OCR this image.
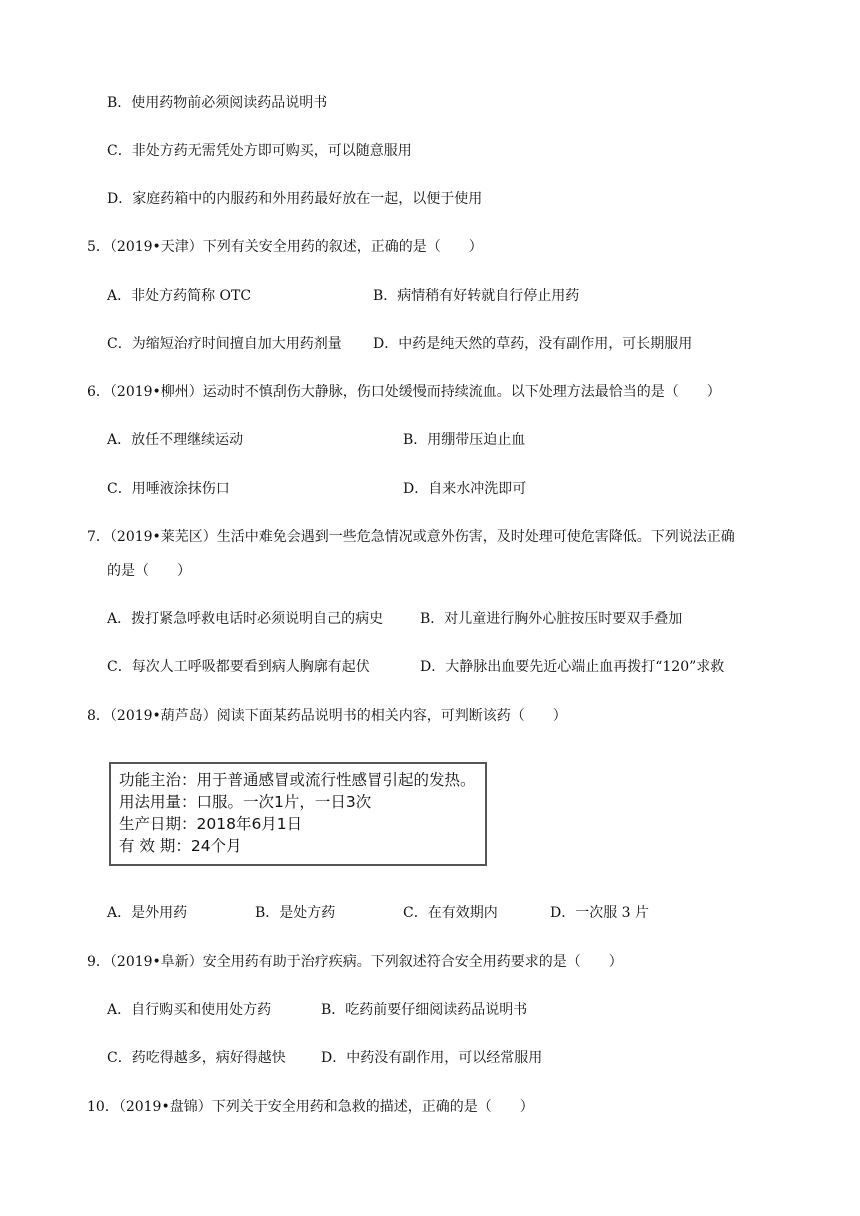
B．使用药物前必须阅读药品说明书
C．非处方药无需凭处方即可购买，可以随意服用
D．家庭药箱中的内服药和外用药最好放在一起，以便于使用
5．（2019•天津）下列有关安全用药的叙述，正确的是（　　）
A．非处方药简称 OTC	B．病情稍有好转就自行停止用药
C．为缩短治疗时间擅自加大用药剂量 D．中药是纯天然的草药，没有副作用，可长期服用
6．（2019•柳州）运动时不慎刮伤大静脉，伤口处缓慢而持续流血。以下处理方法最恰当的是（　　）
A．放任不理继续运动	B．用绷带压迫止血
C．用唾液涂抹伤口	D．自来水冲洗即可
7．（2019•莱芜区）生活中难免会遇到一些危急情况或意外伤害，及时处理可使危害降低。下列说法正确
的是（　　）
A．拨打紧急呼救电话时必须说明自己的病史	B．对儿童进行胸外心脏按压时要双手叠加
C．每次人工呼吸都要看到病人胸廓有起伏	D．大静脉出血要先近心端止血再拨打“120”求救
8．（2019•葫芦岛）阅读下面某药品说明书的相关内容，可判断该药（　　）
功能主治：用于普通感冒或流行性感冒引起的发热。
用法用量：口服。一次1片，一日3次
生产日期：2018年6月1日
有 效 期：24个月
A．是外用药	B．是处方药	C．在有效期内	D．一次服 3 片
9．（2019•阜新）安全用药有助于治疗疾病。下列叙述符合安全用药要求的是（　　）
A．自行购买和使用处方药	B．吃药前要仔细阅读药品说明书
C．药吃得越多，病好得越快	D．中药没有副作用，可以经常服用
10．（2019•盘锦）下列关于安全用药和急救的描述，正确的是（　　）
